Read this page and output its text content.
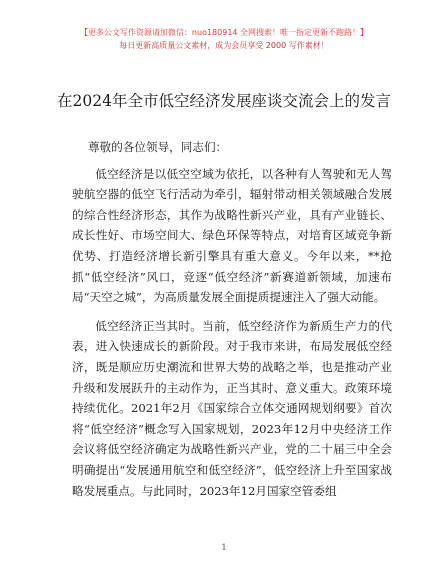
【更多公文写作资源请加微信：nuo180914 全网搜索！唯一指定更新不跑路！】
每日更新高质量公文素材，成为会员享受 2000 写作素材！
在2024年全市低空经济发展座谈交流会上的发言
尊敬的各位领导，同志们：

低空经济是以低空空域为依托，以各种有人驾驶和无人驾驶航空器的低空飞行活动为牵引，辐射带动相关领域融合发展的综合性经济形态，其作为战略性新兴产业，具有产业链长、成长性好、市场空间大、绿色环保等特点，对培育区域竞争新优势、打造经济增长新引擎具有重大意义。今年以来，**抢抓“低空经济”风口，竞逐“低空经济”新赛道新领域，加速布局“天空之城”，为高质量发展全面提质提速注入了强大动能。

低空经济正当其时。当前，低空经济作为新质生产力的代表，进入快速成长的新阶段。对于我市来讲，布局发展低空经济，既是顺应历史潮流和世界大势的战略之举，也是推动产业升级和发展跃升的主动作为，正当其时、意义重大。政策环境持续优化。2021年2月《国家综合立体交通网规划纲要》首次将“低空经济”概念写入国家规划，2023年12月中央经济工作会议将低空经济确定为战略性新兴产业，党的二十届三中全会明确提出“发展通用航空和低空经济”，低空经济上升至国家战略发展重点。与此同时，2023年12月国家空管委组

1
